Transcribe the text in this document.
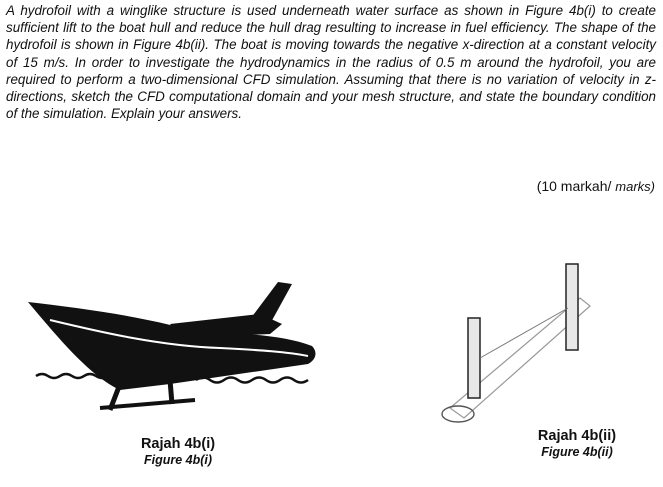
A hydrofoil with a winglike structure is used underneath water surface as shown in Figure 4b(i) to create sufficient lift to the boat hull and reduce the hull drag resulting to increase in fuel efficiency. The shape of the hydrofoil is shown in Figure 4b(ii). The boat is moving towards the negative x-direction at a constant velocity of 15 m/s. In order to investigate the hydrodynamics in the radius of 0.5 m around the hydrofoil, you are required to perform a two-dimensional CFD simulation. Assuming that there is no variation of velocity in z-directions, sketch the CFD computational domain and your mesh structure, and state the boundary condition of the simulation. Explain your answers.

(10 markah/ marks)
Rajah 4b(i)
Figure 4b(i)
Rajah 4b(ii)
Figure 4b(ii)
